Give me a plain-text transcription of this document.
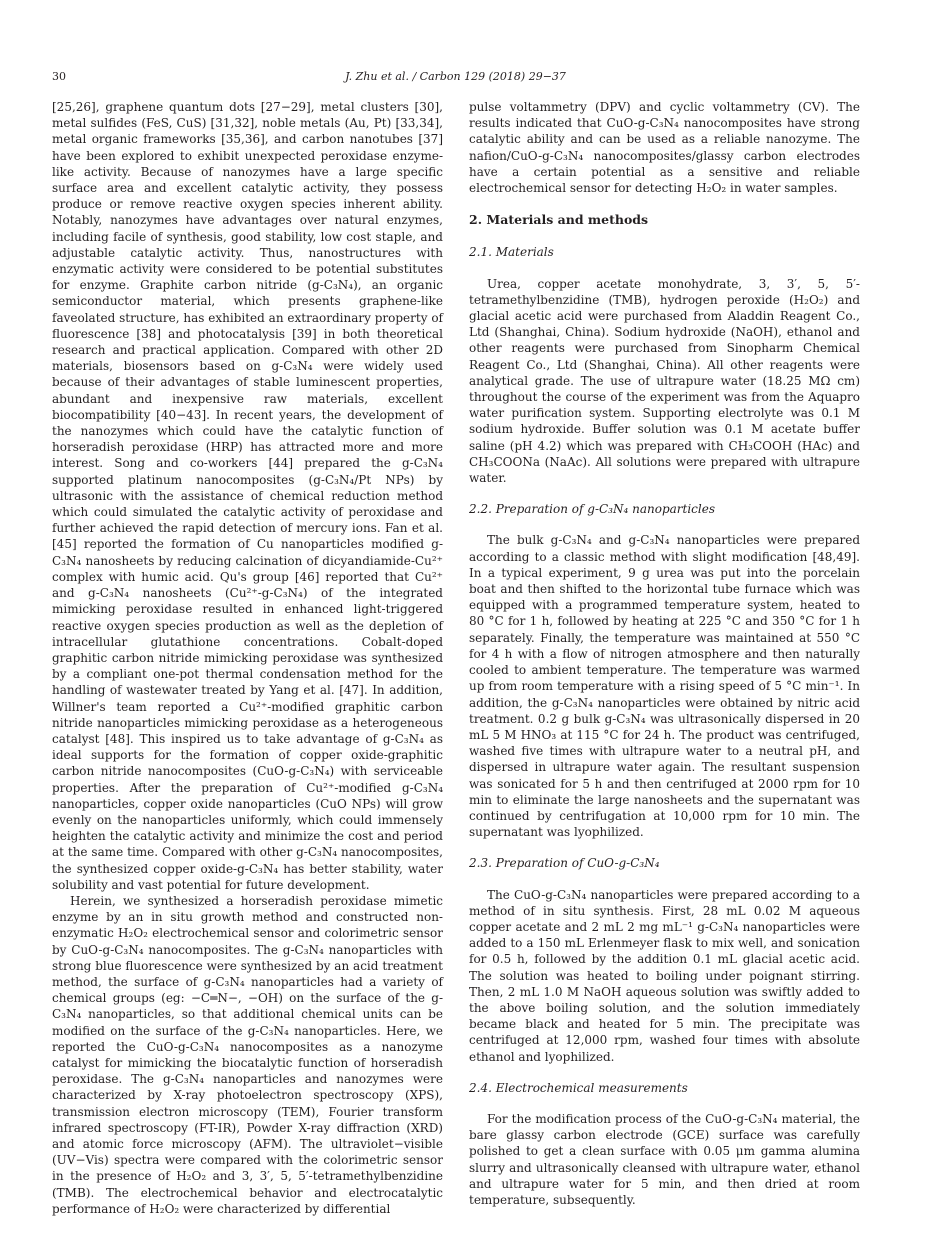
30	J. Zhu et al. / Carbon 129 (2018) 29−37

[25,26], graphene quantum dots [27−29], metal clusters [30], metal sulfides (FeS, CuS) [31,32], noble metals (Au, Pt) [33,34], metal organic frameworks [35,36], and carbon nanotubes [37] have been explored to exhibit unexpected peroxidase enzyme-like activity. Because of nanozymes have a large specific surface area and excellent catalytic activity, they possess produce or remove reactive oxygen species inherent ability. Notably, nanozymes have advantages over natural enzymes, including facile of synthesis, good stability, low cost staple, and adjustable catalytic activity. Thus, nanostructures with enzymatic activity were considered to be potential substitutes for enzyme. Graphite carbon nitride (g-C₃N₄), an organic semiconductor material, which presents graphene-like faveolated structure, has exhibited an extraordinary property of fluorescence [38] and photocatalysis [39] in both theoretical research and practical application. Compared with other 2D materials, biosensors based on g-C₃N₄ were widely used because of their advantages of stable luminescent properties, abundant and inexpensive raw materials, excellent biocompatibility [40−43]. In recent years, the development of the nanozymes which could have the catalytic function of horseradish peroxidase (HRP) has attracted more and more interest. Song and co-workers [44] prepared the g-C₃N₄ supported platinum nanocomposites (g-C₃N₄/Pt NPs) by ultrasonic with the assistance of chemical reduction method which could simulated the catalytic activity of peroxidase and further achieved the rapid detection of mercury ions. Fan et al. [45] reported the formation of Cu nanoparticles modified g-C₃N₄ nanosheets by reducing calcination of dicyandiamide-Cu²⁺ complex with humic acid. Qu's group [46] reported that Cu²⁺ and g-C₃N₄ nanosheets (Cu²⁺-g-C₃N₄) of the integrated mimicking peroxidase resulted in enhanced light-triggered reactive oxygen species production as well as the depletion of intracellular glutathione concentrations. Cobalt-doped graphitic carbon nitride mimicking peroxidase was synthesized by a compliant one-pot thermal condensation method for the handling of wastewater treated by Yang et al. [47]. In addition, Willner's team reported a Cu²⁺-modified graphitic carbon nitride nanoparticles mimicking peroxidase as a heterogeneous catalyst [48]. This inspired us to take advantage of g-C₃N₄ as ideal supports for the formation of copper oxide-graphitic carbon nitride nanocomposites (CuO-g-C₃N₄) with serviceable properties. After the preparation of Cu²⁺-modified g-C₃N₄ nanoparticles, copper oxide nanoparticles (CuO NPs) will grow evenly on the nanoparticles uniformly, which could immensely heighten the catalytic activity and minimize the cost and period at the same time. Compared with other g-C₃N₄ nanocomposites, the synthesized copper oxide-g-C₃N₄ has better stability, water solubility and vast potential for future development.

Herein, we synthesized a horseradish peroxidase mimetic enzyme by an in situ growth method and constructed non-enzymatic H₂O₂ electrochemical sensor and colorimetric sensor by CuO-g-C₃N₄ nanocomposites. The g-C₃N₄ nanoparticles with strong blue fluorescence were synthesized by an acid treatment method, the surface of g-C₃N₄ nanoparticles had a variety of chemical groups (eg: −C═N−, −OH) on the surface of the g-C₃N₄ nanoparticles, so that additional chemical units can be modified on the surface of the g-C₃N₄ nanoparticles. Here, we reported the CuO-g-C₃N₄ nanocomposites as a nanozyme catalyst for mimicking the biocatalytic function of horseradish peroxidase. The g-C₃N₄ nanoparticles and nanozymes were characterized by X-ray photoelectron spectroscopy (XPS), transmission electron microscopy (TEM), Fourier transform infrared spectroscopy (FT-IR), Powder X-ray diffraction (XRD) and atomic force microscopy (AFM). The ultraviolet−visible (UV−Vis) spectra were compared with the colorimetric sensor in the presence of H₂O₂ and 3, 3′, 5, 5′-tetramethylbenzidine (TMB). The electrochemical behavior and electrocatalytic performance of H₂O₂ were characterized by differential

pulse voltammetry (DPV) and cyclic voltammetry (CV). The results indicated that CuO-g-C₃N₄ nanocomposites have strong catalytic ability and can be used as a reliable nanozyme. The nafion/CuO-g-C₃N₄ nanocomposites/glassy carbon electrodes have a certain potential as a sensitive and reliable electrochemical sensor for detecting H₂O₂ in water samples.

2. Materials and methods
2.1. Materials

Urea, copper acetate monohydrate, 3, 3′, 5, 5′-tetramethylbenzidine (TMB), hydrogen peroxide (H₂O₂) and glacial acetic acid were purchased from Aladdin Reagent Co., Ltd (Shanghai, China). Sodium hydroxide (NaOH), ethanol and other reagents were purchased from Sinopharm Chemical Reagent Co., Ltd (Shanghai, China). All other reagents were analytical grade. The use of ultrapure water (18.25 MΩ cm) throughout the course of the experiment was from the Aquapro water purification system. Supporting electrolyte was 0.1 M sodium hydroxide. Buffer solution was 0.1 M acetate buffer saline (pH 4.2) which was prepared with CH₃COOH (HAc) and CH₃COONa (NaAc). All solutions were prepared with ultrapure water.

2.2. Preparation of g-C₃N₄ nanoparticles

The bulk g-C₃N₄ and g-C₃N₄ nanoparticles were prepared according to a classic method with slight modification [48,49]. In a typical experiment, 9 g urea was put into the porcelain boat and then shifted to the horizontal tube furnace which was equipped with a programmed temperature system, heated to 80 °C for 1 h, followed by heating at 225 °C and 350 °C for 1 h separately. Finally, the temperature was maintained at 550 °C for 4 h with a flow of nitrogen atmosphere and then naturally cooled to ambient temperature. The temperature was warmed up from room temperature with a rising speed of 5 °C min⁻¹. In addition, the g-C₃N₄ nanoparticles were obtained by nitric acid treatment. 0.2 g bulk g-C₃N₄ was ultrasonically dispersed in 20 mL 5 M HNO₃ at 115 °C for 24 h. The product was centrifuged, washed five times with ultrapure water to a neutral pH, and dispersed in ultrapure water again. The resultant suspension was sonicated for 5 h and then centrifuged at 2000 rpm for 10 min to eliminate the large nanosheets and the supernatant was continued by centrifugation at 10,000 rpm for 10 min. The supernatant was lyophilized.

2.3. Preparation of CuO-g-C₃N₄

The CuO-g-C₃N₄ nanoparticles were prepared according to a method of in situ synthesis. First, 28 mL 0.02 M aqueous copper acetate and 2 mL 2 mg mL⁻¹ g-C₃N₄ nanoparticles were added to a 150 mL Erlenmeyer flask to mix well, and sonication for 0.5 h, followed by the addition 0.1 mL glacial acetic acid. The solution was heated to boiling under poignant stirring. Then, 2 mL 1.0 M NaOH aqueous solution was swiftly added to the above boiling solution, and the solution immediately became black and heated for 5 min. The precipitate was centrifuged at 12,000 rpm, washed four times with absolute ethanol and lyophilized.

2.4. Electrochemical measurements

For the modification process of the CuO-g-C₃N₄ material, the bare glassy carbon electrode (GCE) surface was carefully polished to get a clean surface with 0.05 μm gamma alumina slurry and ultrasonically cleansed with ultrapure water, ethanol and ultrapure water for 5 min, and then dried at room temperature, subsequently.
